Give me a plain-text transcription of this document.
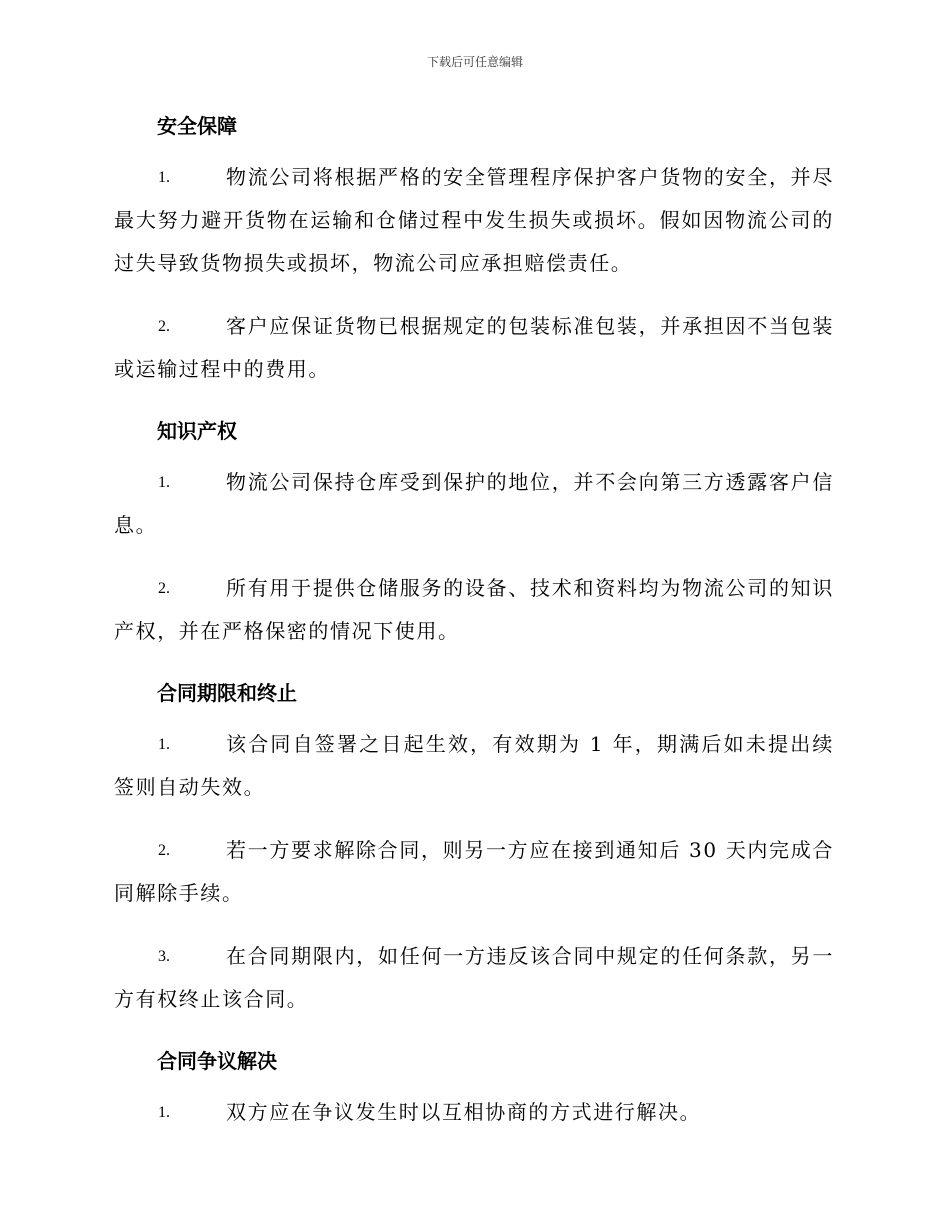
下载后可任意编辑
安全保障

1.	物流公司将根据严格的安全管理程序保护客户货物的安全，并尽最大努力避开货物在运输和仓储过程中发生损失或损坏。假如因物流公司的过失导致货物损失或损坏，物流公司应承担赔偿责任。

2.	客户应保证货物已根据规定的包装标准包装，并承担因不当包装或运输过程中的费用。

知识产权

1.	物流公司保持仓库受到保护的地位，并不会向第三方透露客户信息。

2.	所有用于提供仓储服务的设备、技术和资料均为物流公司的知识产权，并在严格保密的情况下使用。

合同期限和终止

1.	该合同自签署之日起生效，有效期为 1 年，期满后如未提出续签则自动失效。

2.	若一方要求解除合同，则另一方应在接到通知后 30 天内完成合同解除手续。

3.	在合同期限内，如任何一方违反该合同中规定的任何条款，另一方有权终止该合同。

合同争议解决

1.	双方应在争议发生时以互相协商的方式进行解决。
